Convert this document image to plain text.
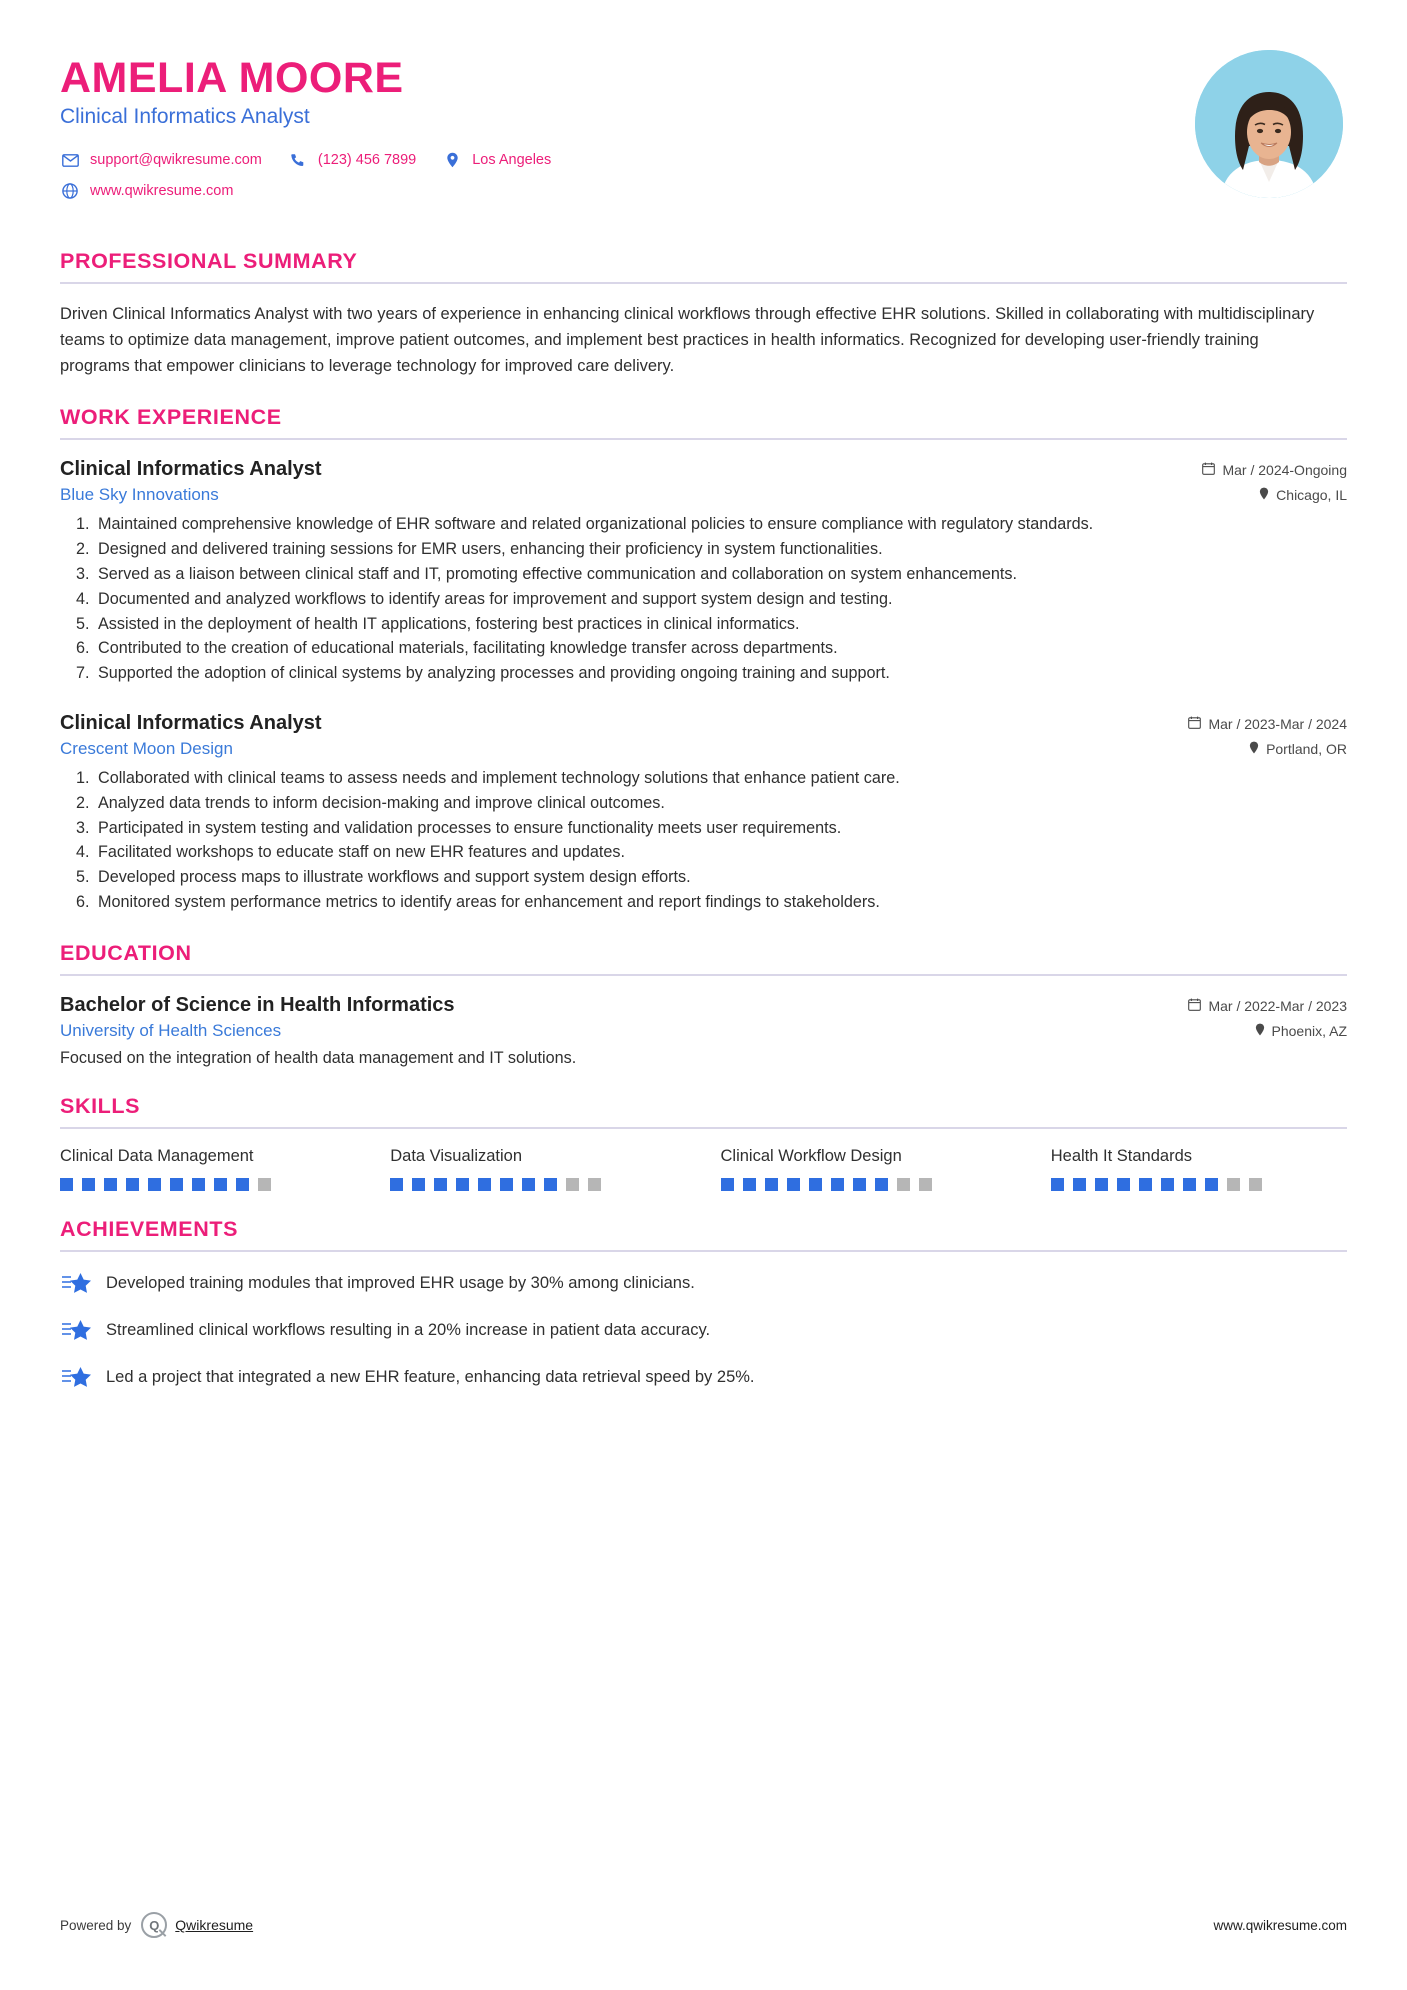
AMELIA MOORE
Clinical Informatics Analyst
support@qwikresume.com	(123) 456 7899	Los Angeles
www.qwikresume.com
PROFESSIONAL SUMMARY

Driven Clinical Informatics Analyst with two years of experience in enhancing clinical workflows through effective EHR solutions. Skilled in collaborating with multidisciplinary teams to optimize data management, improve patient outcomes, and implement best practices in health informatics. Recognized for developing user-friendly training programs that empower clinicians to leverage technology for improved care delivery.

WORK EXPERIENCE
Clinical Informatics Analyst	Mar / 2024-Ongoing
Blue Sky Innovations	Chicago, IL
1. Maintained comprehensive knowledge of EHR software and related organizational policies to ensure compliance with regulatory standards.
2. Designed and delivered training sessions for EMR users, enhancing their proficiency in system functionalities.
3. Served as a liaison between clinical staff and IT, promoting effective communication and collaboration on system enhancements.
4. Documented and analyzed workflows to identify areas for improvement and support system design and testing.
5. Assisted in the deployment of health IT applications, fostering best practices in clinical informatics.
6. Contributed to the creation of educational materials, facilitating knowledge transfer across departments.
7. Supported the adoption of clinical systems by analyzing processes and providing ongoing training and support.
Clinical Informatics Analyst	Mar / 2023-Mar / 2024
Crescent Moon Design	Portland, OR
1. Collaborated with clinical teams to assess needs and implement technology solutions that enhance patient care.
2. Analyzed data trends to inform decision-making and improve clinical outcomes.
3. Participated in system testing and validation processes to ensure functionality meets user requirements.
4. Facilitated workshops to educate staff on new EHR features and updates.
5. Developed process maps to illustrate workflows and support system design efforts.
6. Monitored system performance metrics to identify areas for enhancement and report findings to stakeholders.
EDUCATION
Bachelor of Science in Health Informatics	Mar / 2022-Mar / 2023
University of Health Sciences	Phoenix, AZ

Focused on the integration of health data management and IT solutions.

SKILLS
Clinical Data Management	Data Visualization	Clinical Workflow Design	Health It Standards
ACHIEVEMENTS
Developed training modules that improved EHR usage by 30% among clinicians.
Streamlined clinical workflows resulting in a 20% increase in patient data accuracy.
Led a project that integrated a new EHR feature, enhancing data retrieval speed by 25%.
Powered by	Q	Qwikresume	www.qwikresume.com
